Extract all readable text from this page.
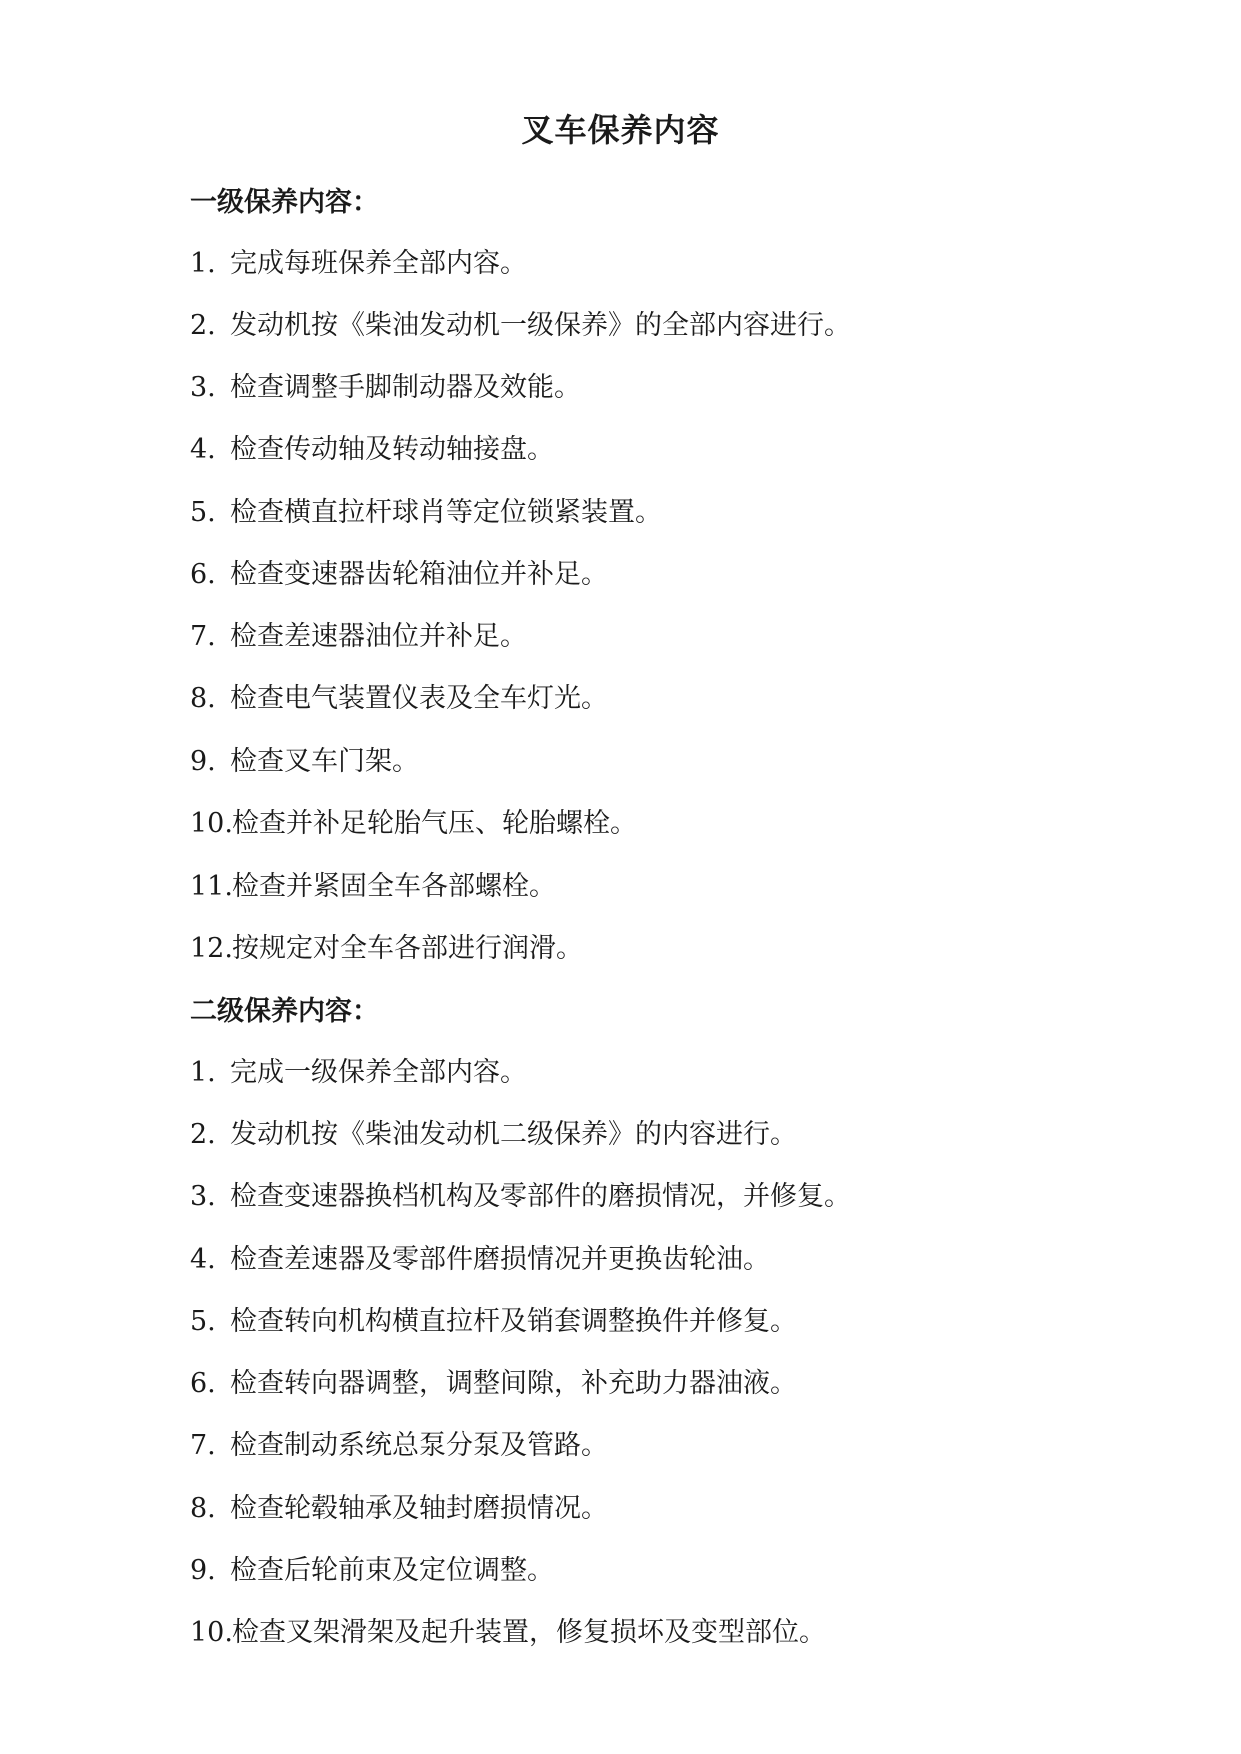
叉车保养内容
一级保养内容：
1. 完成每班保养全部内容。
2. 发动机按《柴油发动机一级保养》的全部内容进行。
3. 检查调整手脚制动器及效能。
4. 检查传动轴及转动轴接盘。
5. 检查横直拉杆球肖等定位锁紧装置。
6. 检查变速器齿轮箱油位并补足。
7. 检查差速器油位并补足。
8. 检查电气装置仪表及全车灯光。
9. 检查叉车门架。
10.检查并补足轮胎气压、轮胎螺栓。
11.检查并紧固全车各部螺栓。
12.按规定对全车各部进行润滑。
二级保养内容：
1. 完成一级保养全部内容。
2. 发动机按《柴油发动机二级保养》的内容进行。
3. 检查变速器换档机构及零部件的磨损情况，并修复。
4. 检查差速器及零部件磨损情况并更换齿轮油。
5. 检查转向机构横直拉杆及销套调整换件并修复。
6. 检查转向器调整，调整间隙，补充助力器油液。
7. 检查制动系统总泵分泵及管路。
8. 检查轮毂轴承及轴封磨损情况。
9. 检查后轮前束及定位调整。
10.检查叉架滑架及起升装置，修复损坏及变型部位。
